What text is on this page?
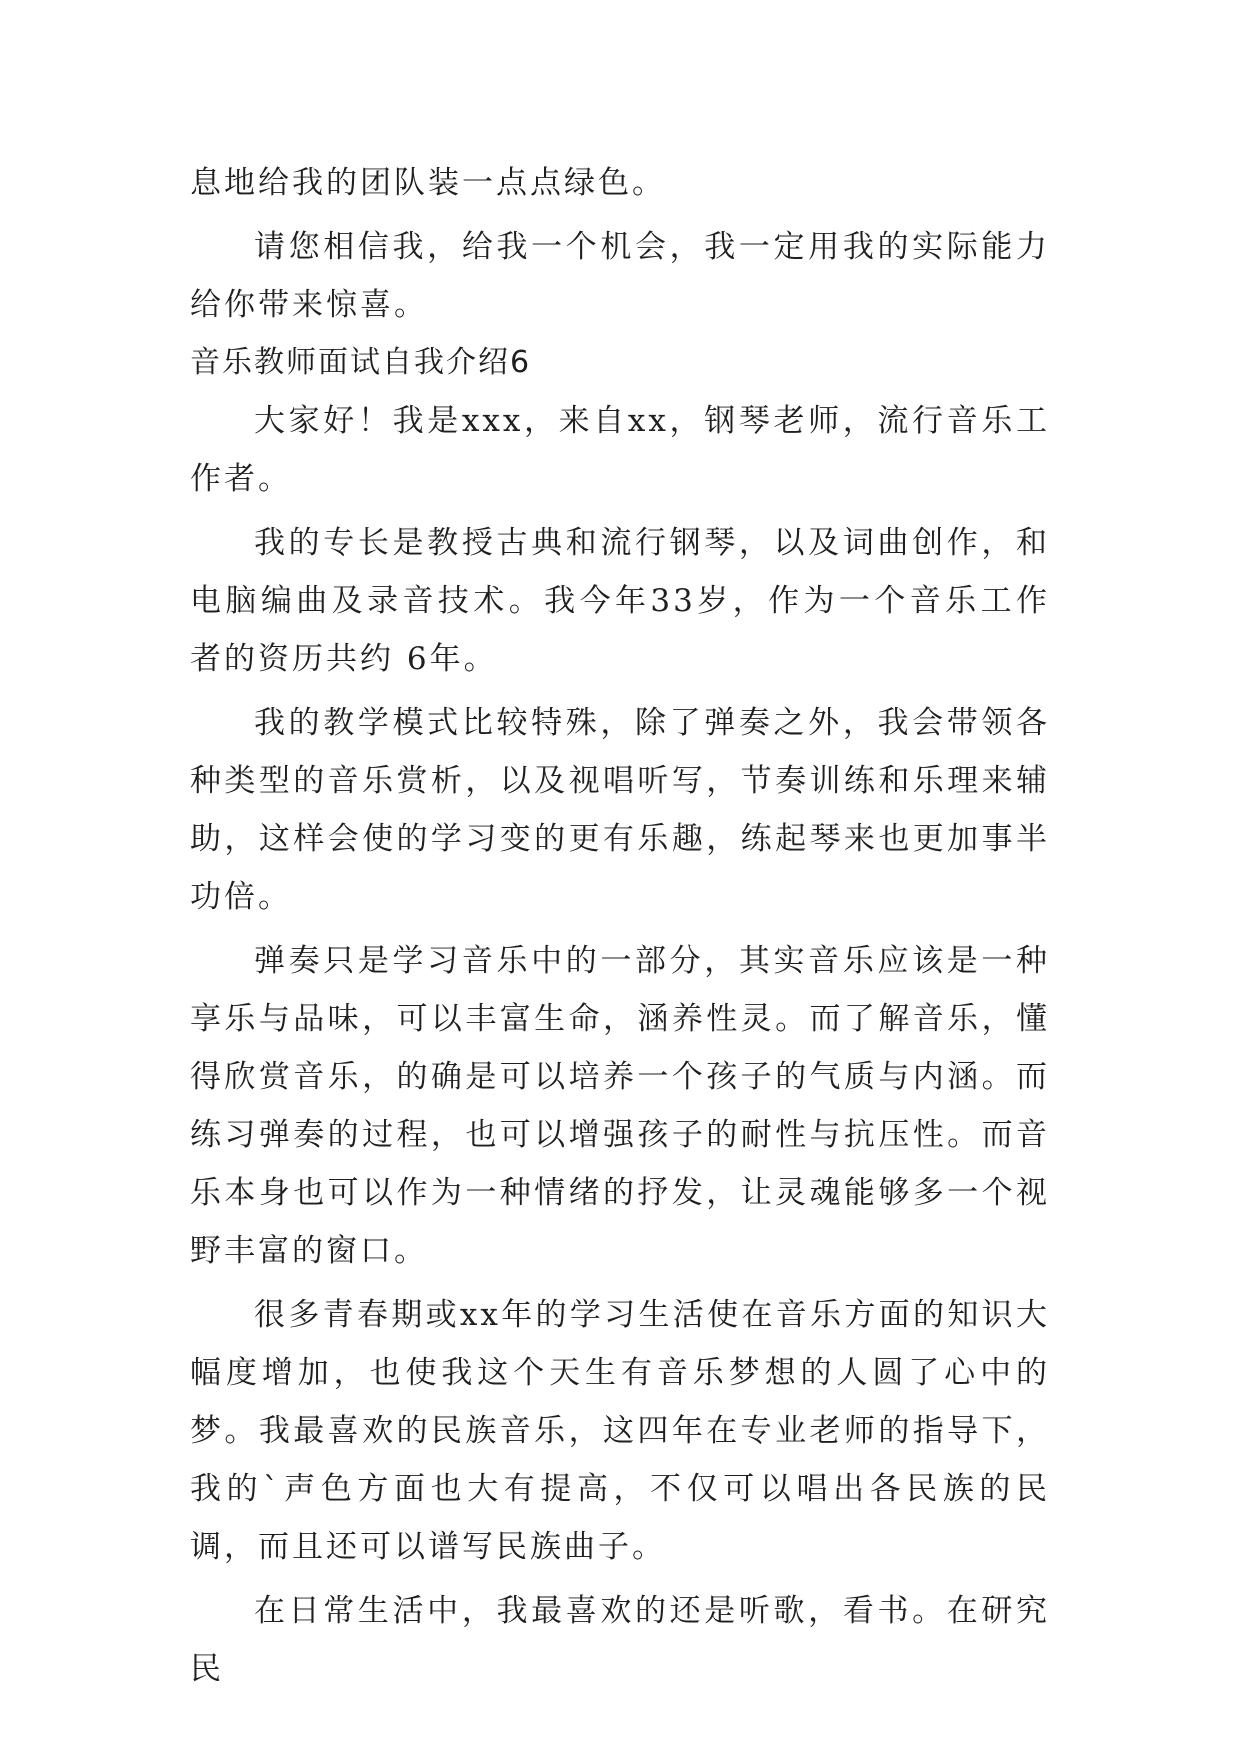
息地给我的团队装一点点绿色。

请您相信我，给我一个机会，我一定用我的实际能力给你带来惊喜。

音乐教师面试自我介绍6

大家好！我是xxx，来自xx，钢琴老师，流行音乐工作者。

我的专长是教授古典和流行钢琴，以及词曲创作，和电脑编曲及录音技术。我今年33岁，作为一个音乐工作者的资历共约 6年。

我的教学模式比较特殊，除了弹奏之外，我会带领各种类型的音乐赏析，以及视唱听写，节奏训练和乐理来辅助，这样会使的学习变的更有乐趣，练起琴来也更加事半功倍。

弹奏只是学习音乐中的一部分，其实音乐应该是一种享乐与品味，可以丰富生命，涵养性灵。而了解音乐，懂得欣赏音乐，的确是可以培养一个孩子的气质与内涵。而练习弹奏的过程，也可以增强孩子的耐性与抗压性。而音乐本身也可以作为一种情绪的抒发，让灵魂能够多一个视野丰富的窗口。

很多青春期或xx年的学习生活使在音乐方面的知识大幅度增加，也使我这个天生有音乐梦想的人圆了心中的梦。我最喜欢的民族音乐，这四年在专业老师的指导下，我的`声色方面也大有提高，不仅可以唱出各民族的民调，而且还可以谱写民族曲子。

在日常生活中，我最喜欢的还是听歌，看书。在研究民
